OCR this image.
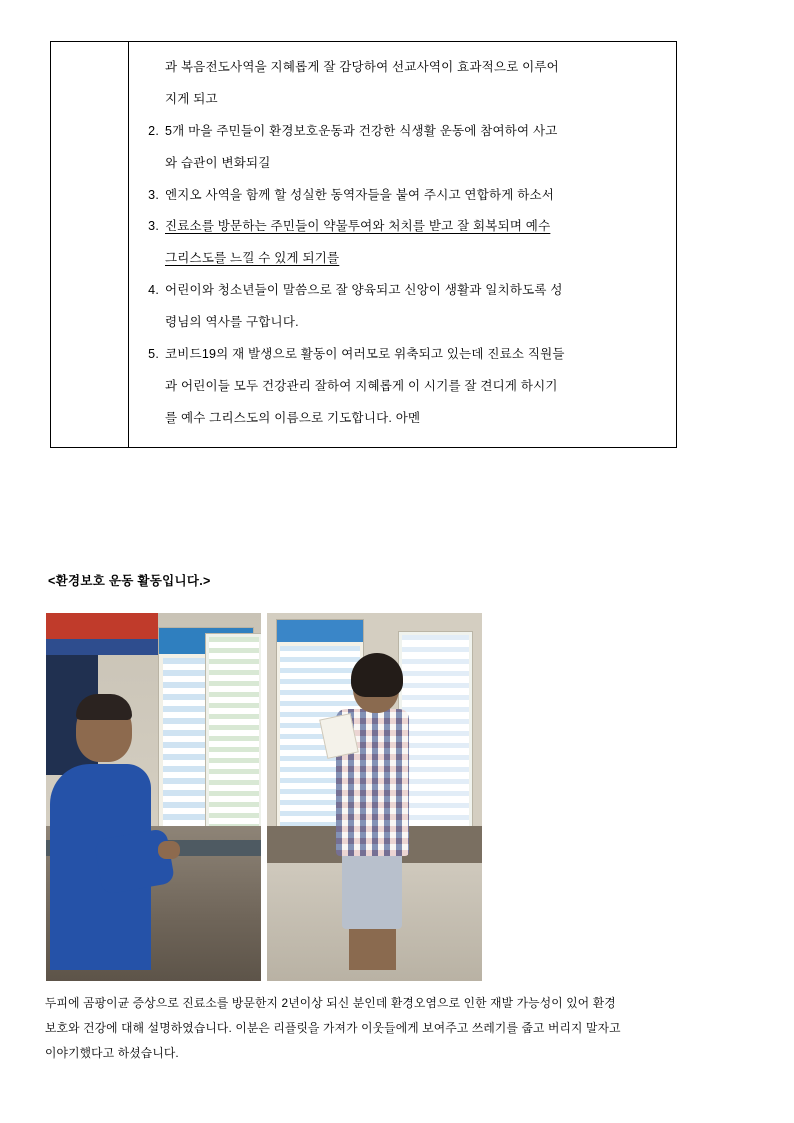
과 복음전도사역을 지혜롭게 잘 감당하여 선교사역이 효과적으로 이루어
지게 되고
2. 5개 마을 주민들이 환경보호운동과 건강한 식생활 운동에 참여하여 사고
와 습관이 변화되길
3. 엔지오 사역을 함께 할 성실한 동역자들을 붙여 주시고 연합하게 하소서
3. 진료소를 방문하는 주민들이 약물투여와 처치를 받고 잘 회복되며 예수
그리스도를 느낄 수 있게 되기를
4. 어린이와 청소년들이 말씀으로 잘 양육되고 신앙이 생활과 일치하도록 성
령님의 역사를 구합니다.
5. 코비드19의 재 발생으로 활동이 여러모로 위축되고 있는데 진료소 직원들
과 어린이들 모두 건강관리 잘하여 지혜롭게 이 시기를 잘 견디게 하시기
를 예수 그리스도의 이름으로 기도합니다. 아멘
<환경보호 운동 활동입니다.>
두피에 곰팡이균 증상으로 진료소를 방문한지 2년이상 되신 분인데 환경오염으로 인한 재발 가능성이 있어 환경
보호와 건강에 대해 설명하였습니다. 이분은 리플릿을 가져가 이웃들에게 보여주고 쓰레기를 줍고 버리지 말자고
이야기했다고 하셨습니다.
